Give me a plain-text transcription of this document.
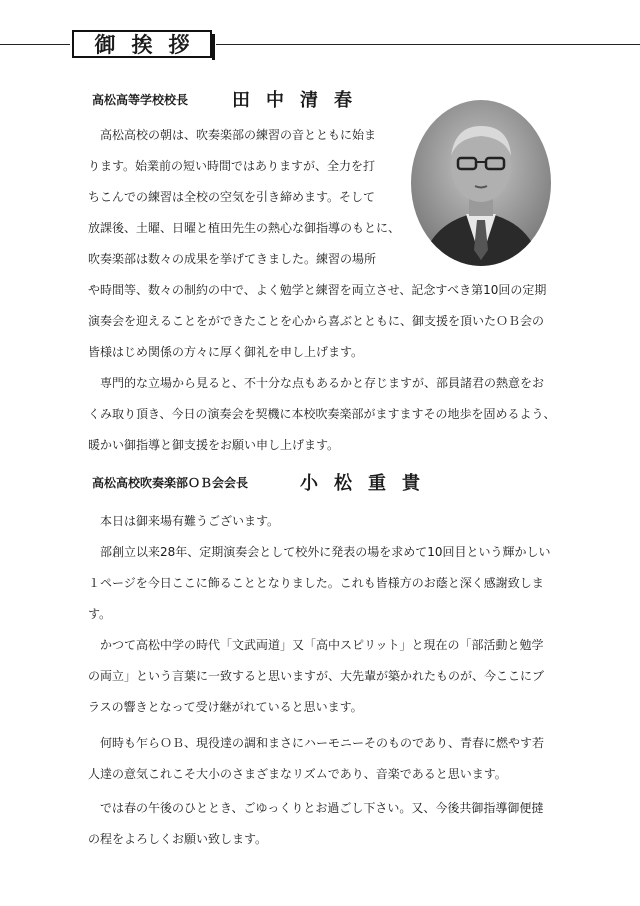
御挨拶
高松高等学校校長 田中清春
高松高校の朝は、吹奏楽部の練習の音とともに始ま
ります。始業前の短い時間ではありますが、全力を打
ちこんでの練習は全校の空気を引き締めます。そして
放課後、土曜、日曜と植田先生の熱心な御指導のもとに、
吹奏楽部は数々の成果を挙げてきました。練習の場所
や時間等、数々の制約の中で、よく勉学と練習を両立させ、記念すべき第10回の定期
演奏会を迎えることをができたことを心から喜ぶとともに、御支援を頂いたＯＢ会の
皆様はじめ関係の方々に厚く御礼を申し上げます。
専門的な立場から見ると、不十分な点もあるかと存じますが、部員諸君の熱意をお
くみ取り頂き、今日の演奏会を契機に本校吹奏楽部がますますその地歩を固めるよう、
暖かい御指導と御支援をお願い申し上げます。
高松高校吹奏楽部ＯＢ会会長	小松重貴
本日は御来場有難うございます。
部創立以来28年、定期演奏会として校外に発表の場を求めて10回目という輝かしい
１ページを今日ここに飾ることとなりました。これも皆様方のお蔭と深く感謝致しま
す。
かつて高松中学の時代「文武両道」又「高中スピリット」と現在の「部活動と勉学
の両立」という言葉に一致すると思いますが、大先輩が築かれたものが、今ここにブ
ラスの響きとなって受け継がれていると思います。
何時も乍らＯＢ、現役達の調和まさにハーモニーそのものであり、青春に燃やす若
人達の意気これこそ大小のさまざまなリズムであり、音楽であると思います。
では春の午後のひととき、ごゆっくりとお過ごし下さい。又、今後共御指導御便撻
の程をよろしくお願い致します。
